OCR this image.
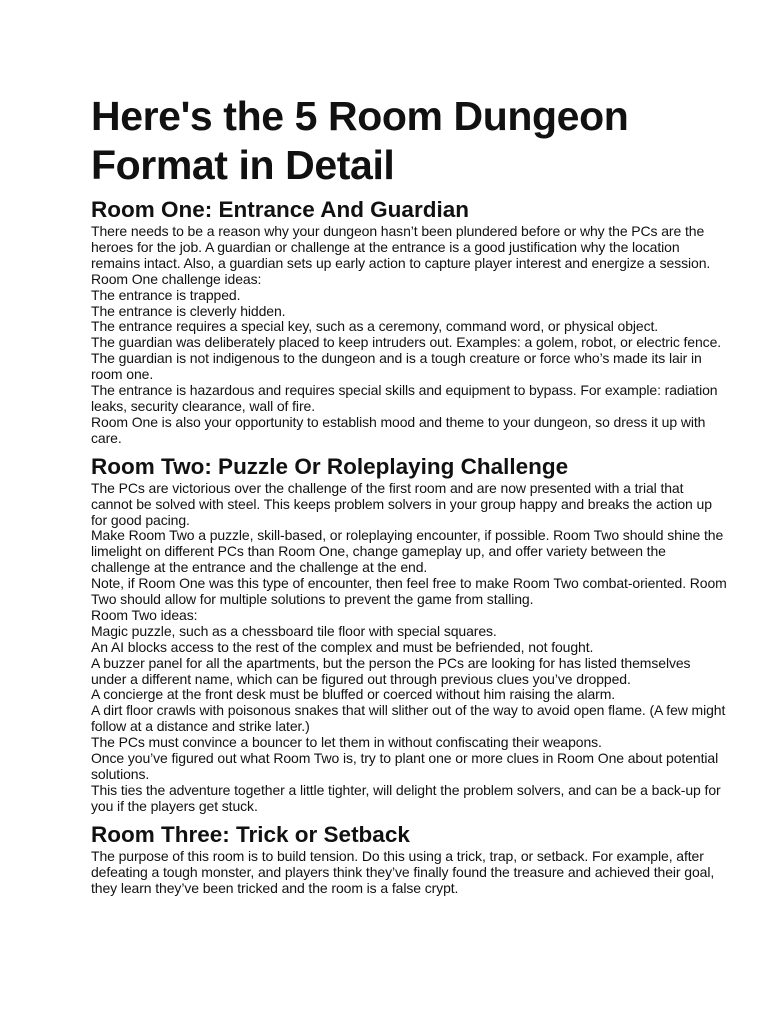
Here's the 5 Room Dungeon Format in Detail
Room One: Entrance And Guardian

There needs to be a reason why your dungeon hasn’t been plundered before or why the PCs are the heroes for the job. A guardian or challenge at the entrance is a good justification why the location remains intact. Also, a guardian sets up early action to capture player interest and energize a session.

Room One challenge ideas:

The entrance is trapped.

The entrance is cleverly hidden.

The entrance requires a special key, such as a ceremony, command word, or physical object.

The guardian was deliberately placed to keep intruders out. Examples: a golem, robot, or electric fence.

The guardian is not indigenous to the dungeon and is a tough creature or force who’s made its lair in room one.

The entrance is hazardous and requires special skills and equipment to bypass. For example: radiation leaks, security clearance, wall of fire.

Room One is also your opportunity to establish mood and theme to your dungeon, so dress it up with care.

Room Two: Puzzle Or Roleplaying Challenge

The PCs are victorious over the challenge of the first room and are now presented with a trial that cannot be solved with steel. This keeps problem solvers in your group happy and breaks the action up for good pacing.

Make Room Two a puzzle, skill-based, or roleplaying encounter, if possible. Room Two should shine the limelight on different PCs than Room One, change gameplay up, and offer variety between the challenge at the entrance and the challenge at the end.

Note, if Room One was this type of encounter, then feel free to make Room Two combat-oriented. Room Two should allow for multiple solutions to prevent the game from stalling.

Room Two ideas:

Magic puzzle, such as a chessboard tile floor with special squares.

An AI blocks access to the rest of the complex and must be befriended, not fought.

A buzzer panel for all the apartments, but the person the PCs are looking for has listed themselves under a different name, which can be figured out through previous clues you’ve dropped.

A concierge at the front desk must be bluffed or coerced without him raising the alarm.

A dirt floor crawls with poisonous snakes that will slither out of the way to avoid open flame. (A few might follow at a distance and strike later.)

The PCs must convince a bouncer to let them in without confiscating their weapons.

Once you’ve figured out what Room Two is, try to plant one or more clues in Room One about potential solutions.

This ties the adventure together a little tighter, will delight the problem solvers, and can be a back-up for you if the players get stuck.

Room Three: Trick or Setback

The purpose of this room is to build tension. Do this using a trick, trap, or setback. For example, after defeating a tough monster, and players think they’ve finally found the treasure and achieved their goal, they learn they’ve been tricked and the room is a false crypt.
